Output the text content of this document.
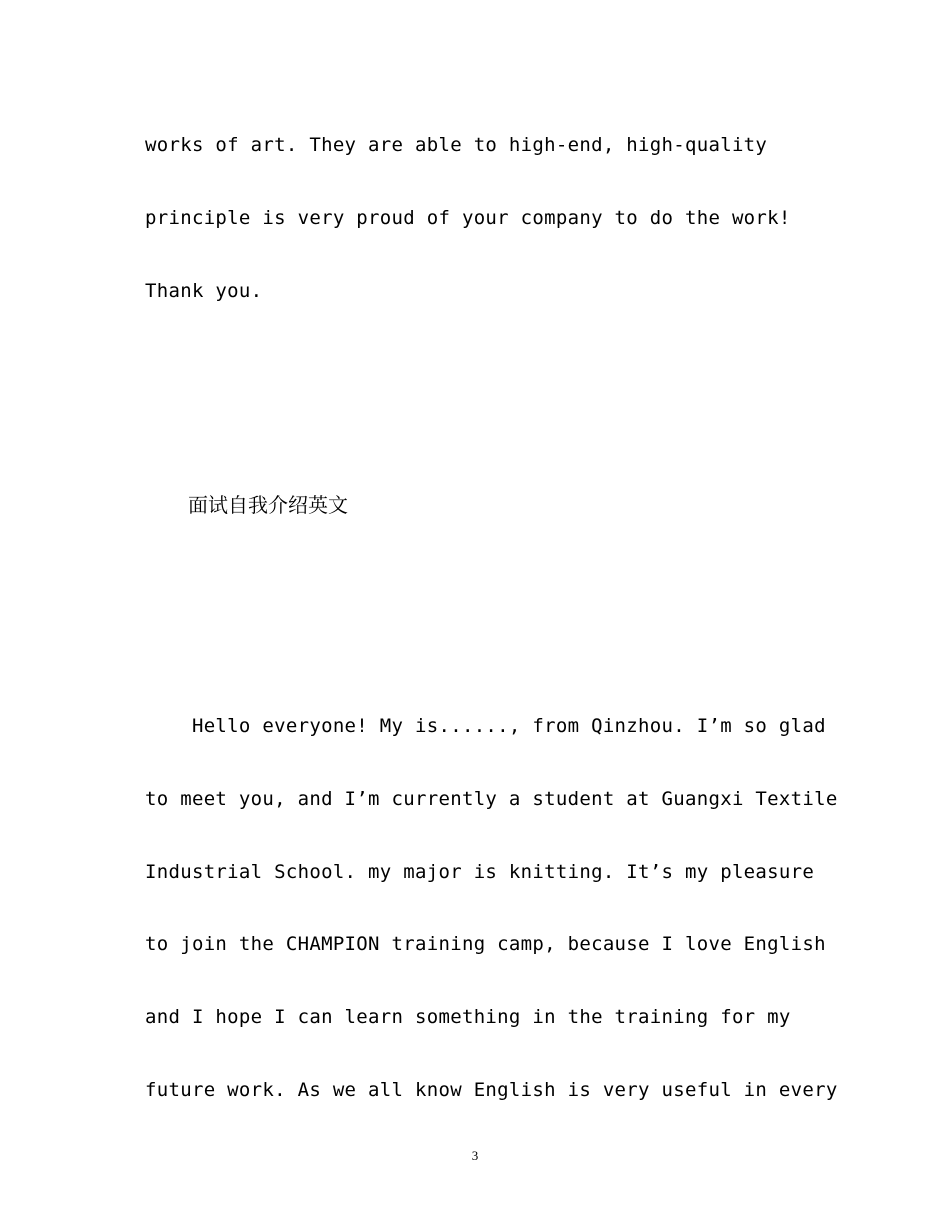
works of art. They are able to high-end, high-quality
principle is very proud of your company to do the work!
Thank you.
面试自我介绍英文
Hello everyone! My is......, from Qinzhou. I’m so glad
to meet you, and I’m currently a student at Guangxi Textile
Industrial School. my major is knitting. It’s my pleasure
to join the CHAMPION training camp, because I love English
and I hope I can learn something in the training for my
future work. As we all know English is very useful in every
3
